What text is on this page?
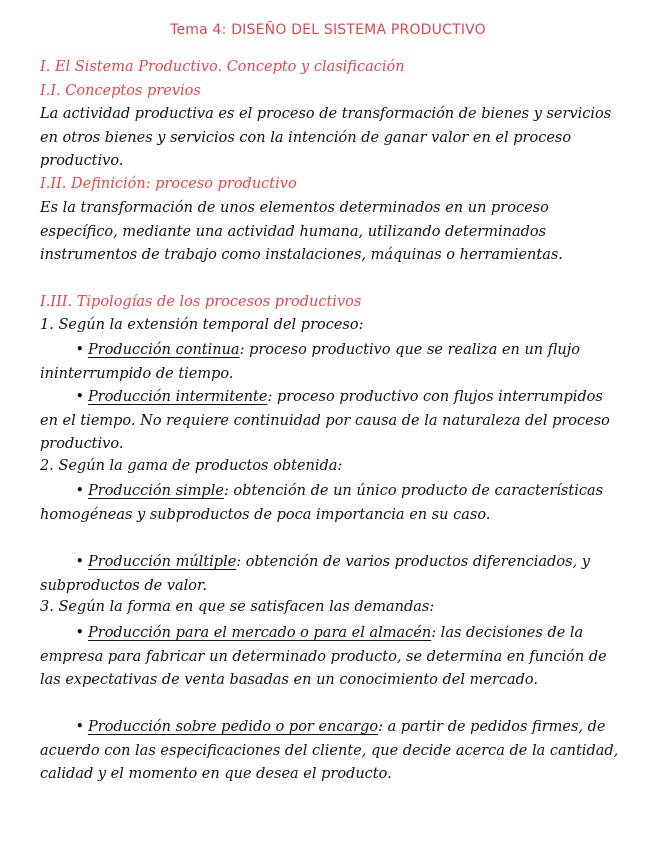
Tema 4: DISEÑO DEL SISTEMA PRODUCTIVO
I. El Sistema Productivo. Concepto y clasificación
I.I. Conceptos previos
La actividad productiva es el proceso de transformación de bienes y servicios en otros bienes y servicios con la intención de ganar valor en el proceso productivo.
I.II. Definición: proceso productivo
Es la transformación de unos elementos determinados en un proceso específico, mediante una actividad humana, utilizando determinados instrumentos de trabajo como instalaciones, máquinas o herramientas.
I.III. Tipologías de los procesos productivos
1. Según la extensión temporal del proceso:
• Producción continua: proceso productivo que se realiza en un flujo ininterrumpido de tiempo.
• Producción intermitente: proceso productivo con flujos interrumpidos en el tiempo. No requiere continuidad por causa de la naturaleza del proceso productivo.
2. Según la gama de productos obtenida:
• Producción simple: obtención de un único producto de características homogéneas y subproductos de poca importancia en su caso.
• Producción múltiple: obtención de varios productos diferenciados, y subproductos de valor.
3. Según la forma en que se satisfacen las demandas:
• Producción para el mercado o para el almacén: las decisiones de la empresa para fabricar un determinado producto, se determina en función de las expectativas de venta basadas en un conocimiento del mercado.
• Producción sobre pedido o por encargo: a partir de pedidos firmes, de acuerdo con las especificaciones del cliente, que decide acerca de la cantidad, calidad y el momento en que desea el producto.
